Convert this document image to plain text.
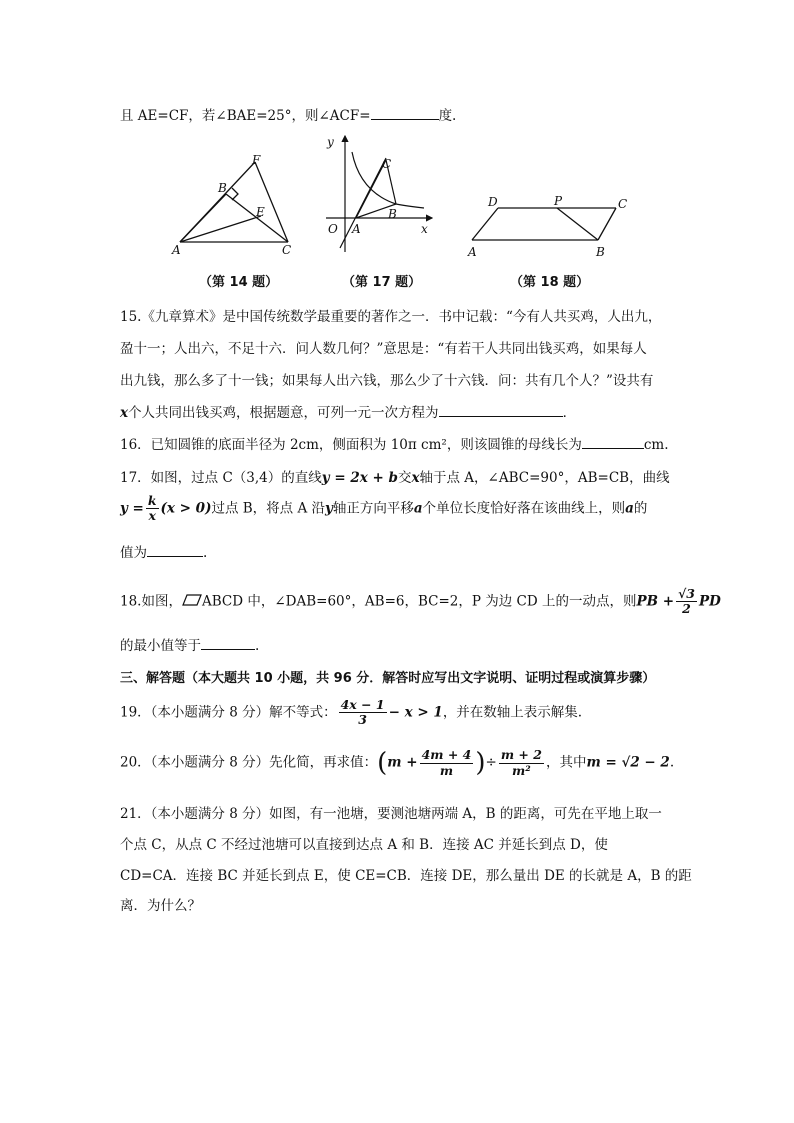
且 AE=CF，若∠BAE=25°，则∠ACF=	度.
A
B
C
E
F
y
x
O A
B
C
A	B
C
D	P
（第 14 题）	（第 17 题）	（第 18 题）
15.《九章算术》是中国传统数学最重要的著作之一．书中记载：“今有人共买鸡，人出九，
盈十一；人出六，不足十六．问人数几何？”意思是：“有若干人共同出钱买鸡，如果每人
出九钱，那么多了十一钱；如果每人出六钱，那么少了十六钱．问：共有几个人？”设共有
x个人共同出钱买鸡，根据题意，可列一元一次方程为	．
16．已知圆锥的底面半径为 2cm，侧面积为 10π cm²，则该圆锥的母线长为	cm.
17．如图，过点 C（3,4）的直线y = 2x + b交x轴于点 A，∠ABC=90°，AB=CB，曲线
$y = \frac{k}{x} (x > 0)$过点 B，将点 A 沿y轴正方向平移a个单位长度恰好落在该曲线上，则a的
值为	.
18.如图， ABCD 中，∠DAB=60°，AB=6，BC=2，P 为边 CD 上的一动点，则PB + $\frac{√3}{2}$ PD
的最小值等于	.
三、解答题（本大题共 10 小题，共 96 分．解答时应写出文字说明、证明过程或演算步骤）
19．（本小题满分 8 分）解不等式： $\frac{4x - 1}{3} - x > 1$，并在数轴上表示解集.
20．（本小题满分 8 分）先化简，再求值：($m + \frac{4m + 4}{m}$ )÷ $\frac{m + 2}{\text{m²}}$ ，其中m = √2 − 2.
21．（本小题满分 8 分）如图，有一池塘，要测池塘两端 A，B 的距离，可先在平地上取一
个点 C，从点 C 不经过池塘可以直接到达点 A 和 B．连接 AC 并延长到点 D，使
CD=CA．连接 BC 并延长到点 E，使 CE=CB．连接 DE，那么量出 DE 的长就是 A，B 的距
离．为什么？
